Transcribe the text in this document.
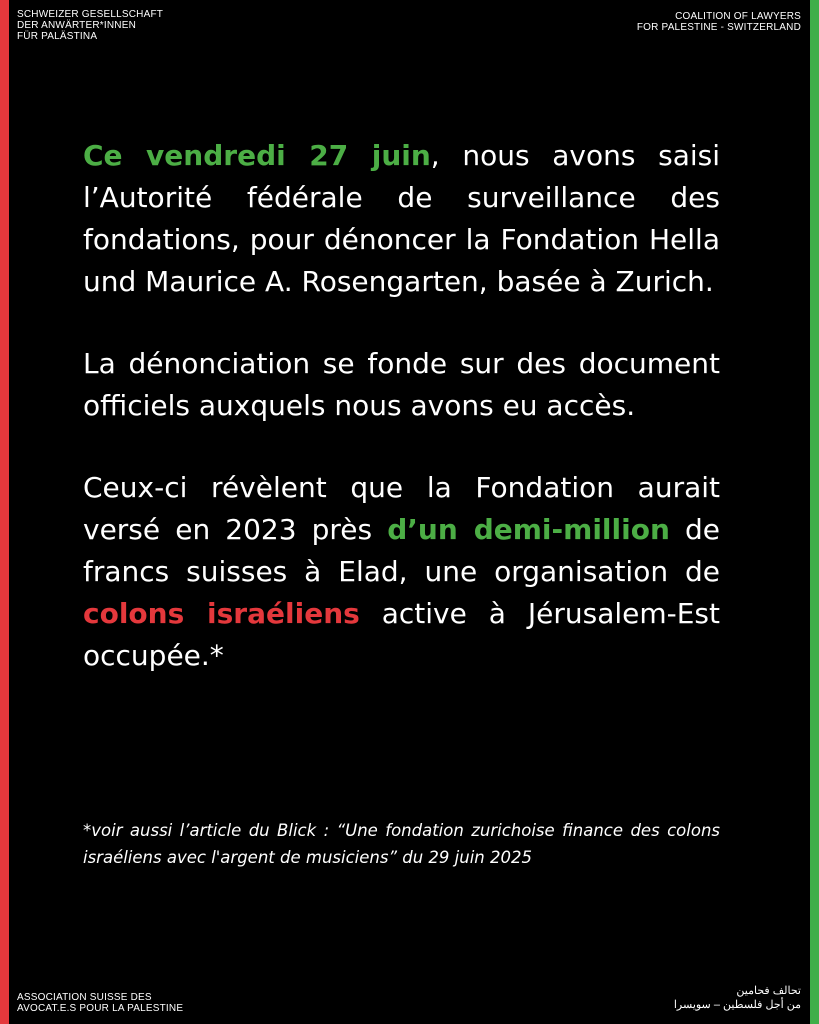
SCHWEIZER GESELLSCHAFT
DER ANWÄRTER*INNEN
FÜR PALÄSTINA
COALITION OF LAWYERS
FOR PALESTINE - SWITZERLAND

Ce vendredi 27 juin, nous avons saisi l’Autorité fédérale de surveillance des fondations, pour dénoncer la Fondation Hella und Maurice A. Rosengarten, basée à Zurich.

La dénonciation se fonde sur des document officiels auxquels nous avons eu accès.

Ceux-ci révèlent que la Fondation aurait versé en 2023 près d’un demi-million de francs suisses à Elad, une organisation de colons israéliens active à Jérusalem-Est occupée.*

*voir aussi l’article du Blick : “Une fondation zurichoise finance des colons israéliens avec l'argent de musiciens” du 29 juin 2025
ASSOCIATION SUISSE DES
AVOCAT.E.S POUR LA PALESTINE
تحالف فحامين
من أجل فلسطين – سويسرا
